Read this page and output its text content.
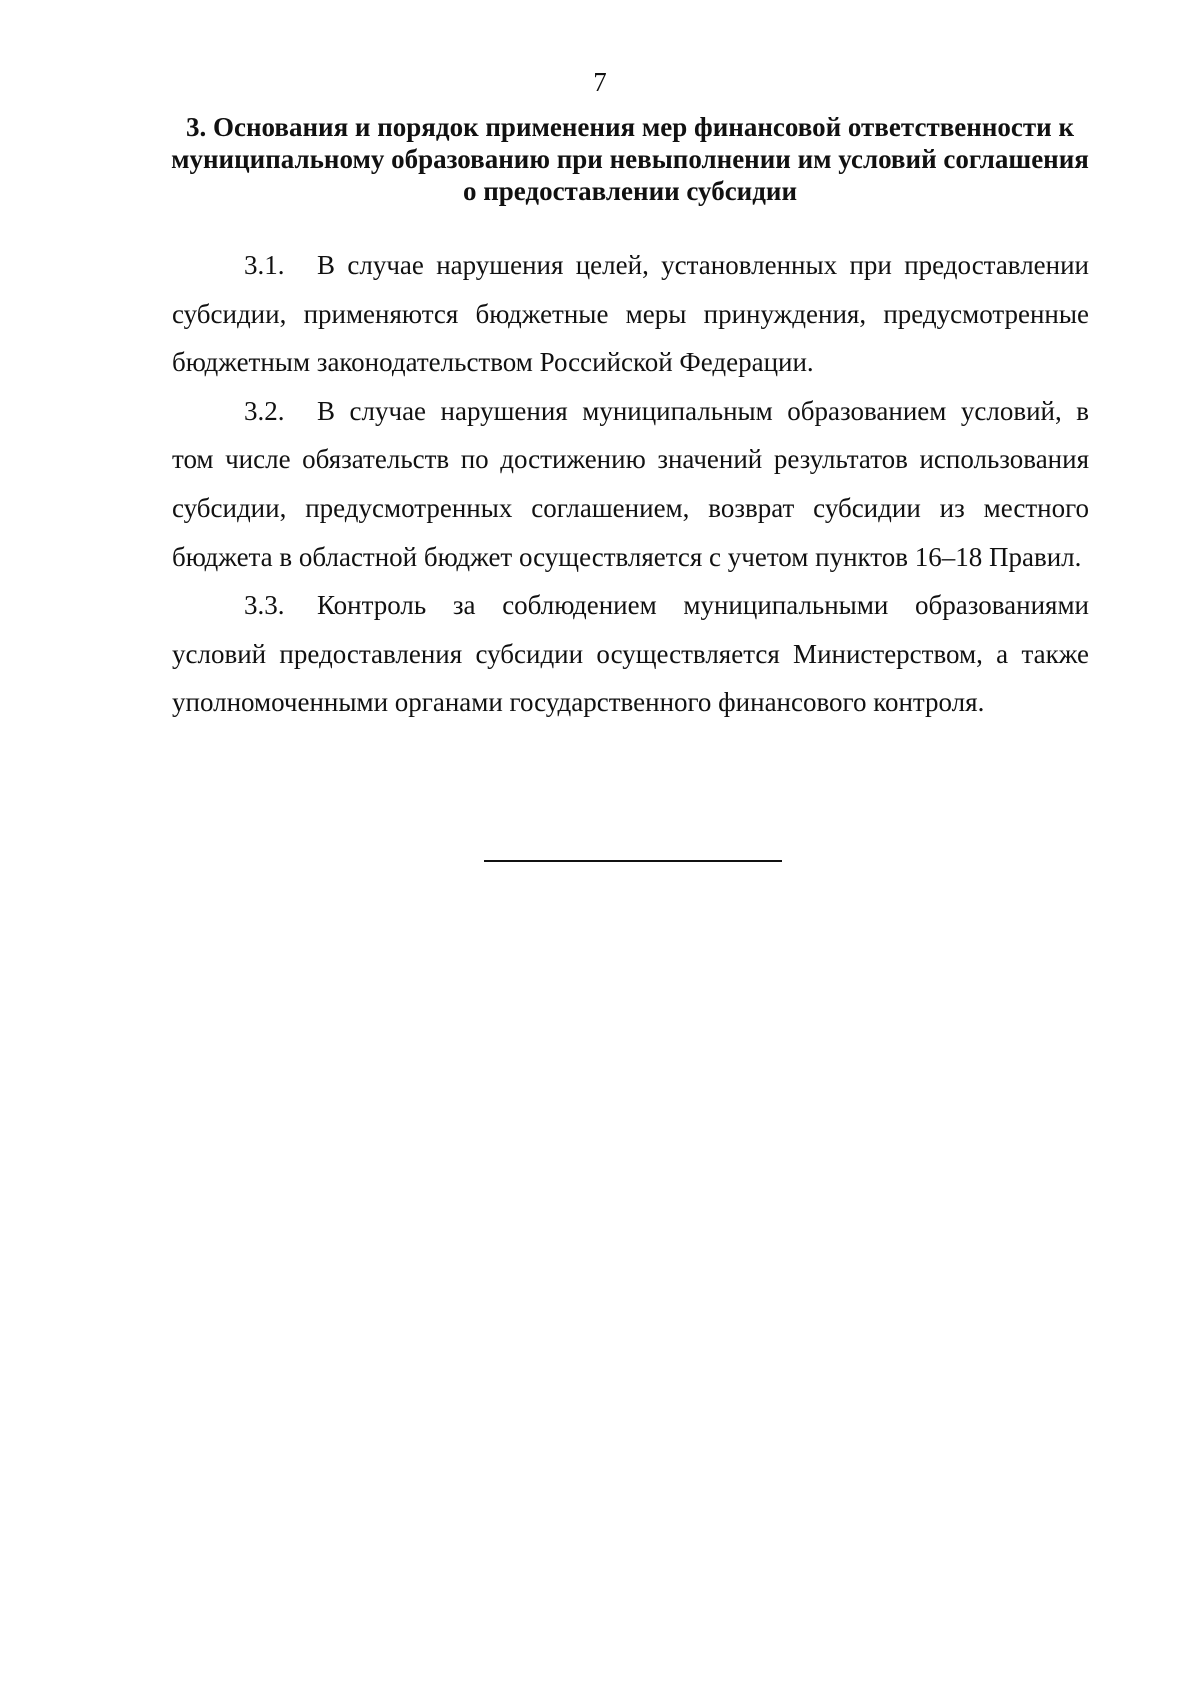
7
3. Основания и порядок применения мер финансовой ответственности к муниципальному образованию при невыполнении им условий соглашения о предоставлении субсидии

3.1. В случае нарушения целей, установленных при предоставлении субсидии, применяются бюджетные меры принуждения, предусмотренные бюджетным законодательством Российской Федерации.

3.2. В случае нарушения муниципальным образованием условий, в том числе обязательств по достижению значений результатов использования субсидии, предусмотренных соглашением, возврат субсидии из местного бюджета в областной бюджет осуществляется с учетом пунктов 16–18 Правил.

3.3. Контроль за соблюдением муниципальными образованиями условий предоставления субсидии осуществляется Министерством, а также уполномоченными органами государственного финансового контроля.
